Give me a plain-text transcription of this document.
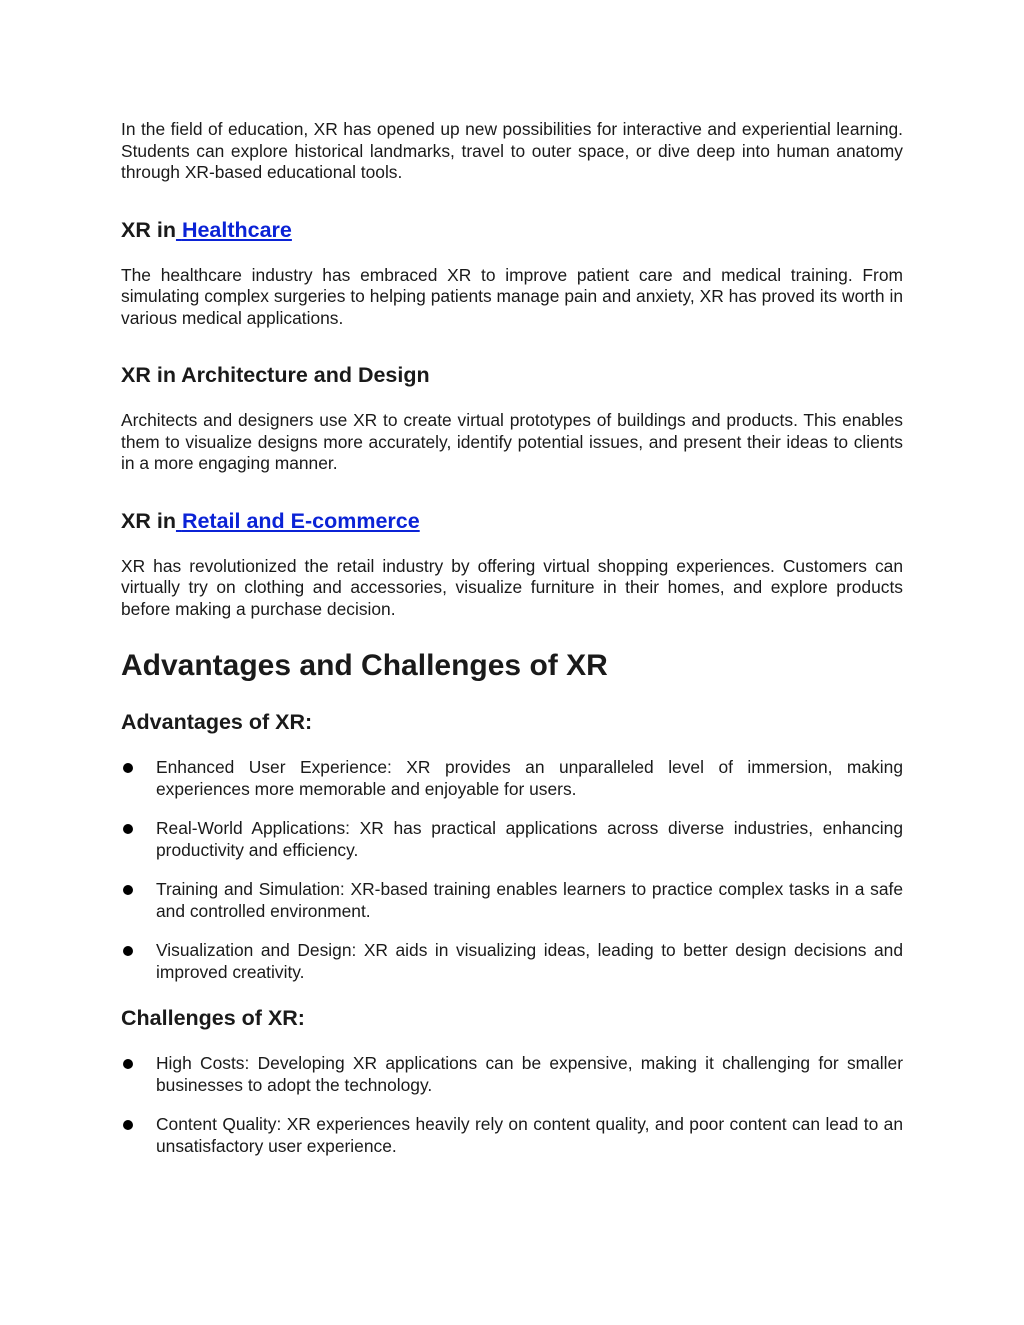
In the field of education, XR has opened up new possibilities for interactive and experiential learning. Students can explore historical landmarks, travel to outer space, or dive deep into human anatomy through XR-based educational tools.

XR in Healthcare

The healthcare industry has embraced XR to improve patient care and medical training. From simulating complex surgeries to helping patients manage pain and anxiety, XR has proved its worth in various medical applications.

XR in Architecture and Design

Architects and designers use XR to create virtual prototypes of buildings and products. This enables them to visualize designs more accurately, identify potential issues, and present their ideas to clients in a more engaging manner.

XR in Retail and E-commerce

XR has revolutionized the retail industry by offering virtual shopping experiences. Customers can virtually try on clothing and accessories, visualize furniture in their homes, and explore products before making a purchase decision.

Advantages and Challenges of XR
Advantages of XR:
Enhanced User Experience: XR provides an unparalleled level of immersion, making experiences more memorable and enjoyable for users.
Real-World Applications: XR has practical applications across diverse industries, enhancing productivity and efficiency.
Training and Simulation: XR-based training enables learners to practice complex tasks in a safe and controlled environment.
Visualization and Design: XR aids in visualizing ideas, leading to better design decisions and improved creativity.
Challenges of XR:
High Costs: Developing XR applications can be expensive, making it challenging for smaller businesses to adopt the technology.
Content Quality: XR experiences heavily rely on content quality, and poor content can lead to an unsatisfactory user experience.
